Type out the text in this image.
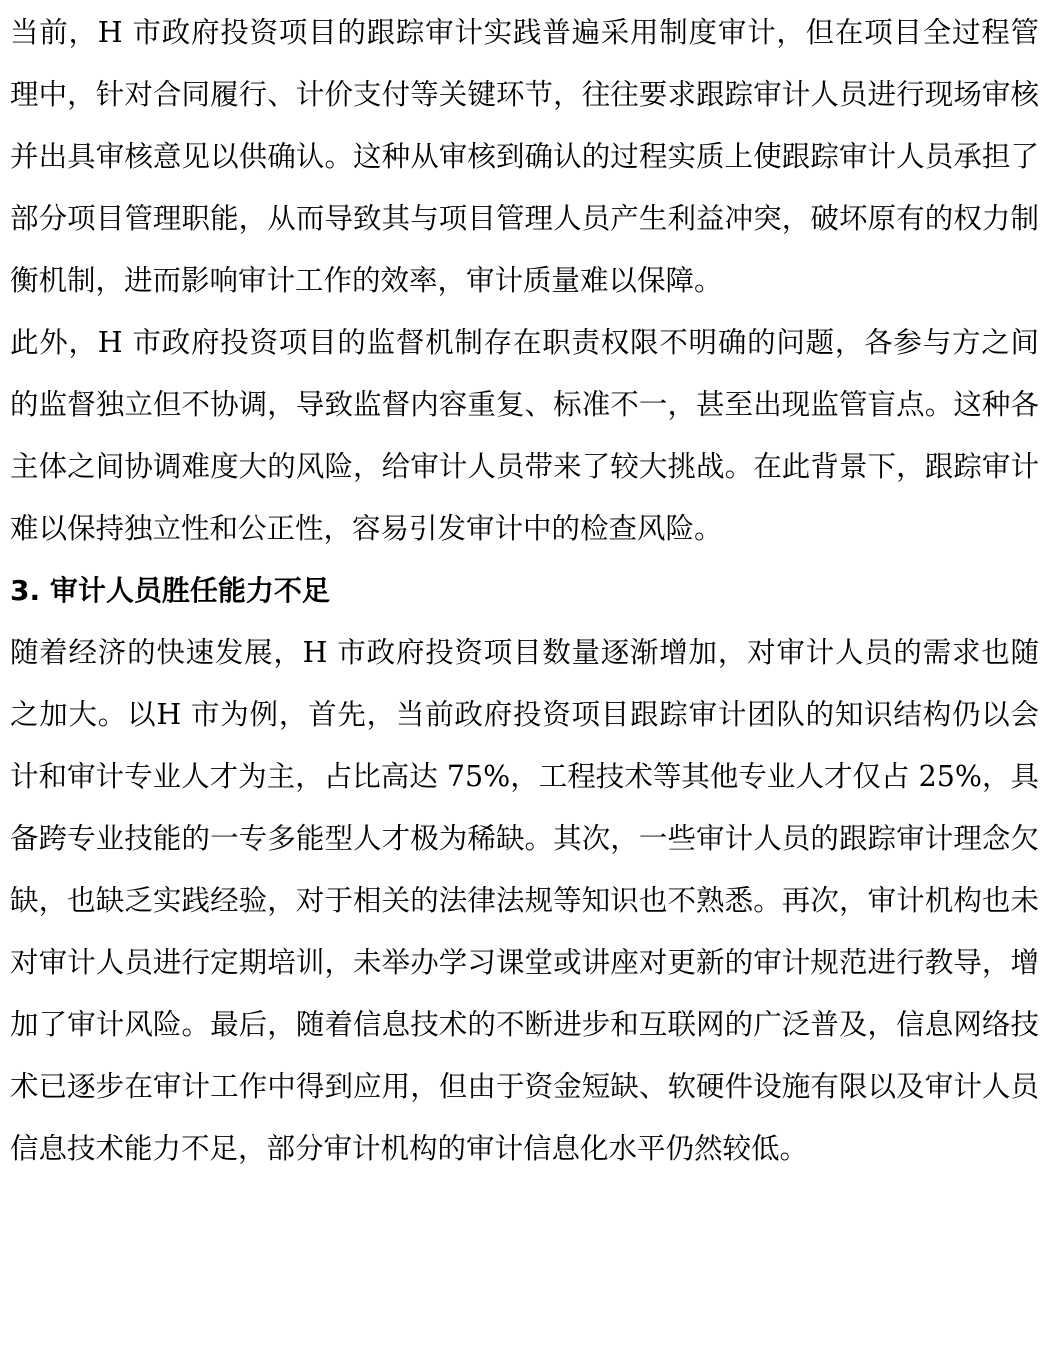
当前，H 市政府投资项目的跟踪审计实践普遍采用制度审计，但在项目全过程管理中，针对合同履行、计价支付等关键环节，往往要求跟踪审计人员进行现场审核并出具审核意见以供确认。这种从审核到确认的过程实质上使跟踪审计人员承担了部分项目管理职能，从而导致其与项目管理人员产生利益冲突，破坏原有的权力制衡机制，进而影响审计工作的效率，审计质量难以保障。

此外，H 市政府投资项目的监督机制存在职责权限不明确的问题，各参与方之间的监督独立但不协调，导致监督内容重复、标准不一，甚至出现监管盲点。这种各主体之间协调难度大的风险，给审计人员带来了较大挑战。在此背景下，跟踪审计难以保持独立性和公正性，容易引发审计中的检查风险。

3. 审计人员胜任能力不足

随着经济的快速发展，H 市政府投资项目数量逐渐增加，对审计人员的需求也随之加大。以H 市为例，首先，当前政府投资项目跟踪审计团队的知识结构仍以会计和审计专业人才为主，占比高达 75%，工程技术等其他专业人才仅占 25%，具备跨专业技能的一专多能型人才极为稀缺。其次，一些审计人员的跟踪审计理念欠缺，也缺乏实践经验，对于相关的法律法规等知识也不熟悉。再次，审计机构也未对审计人员进行定期培训，未举办学习课堂或讲座对更新的审计规范进行教导，增加了审计风险。最后，随着信息技术的不断进步和互联网的广泛普及，信息网络技术已逐步在审计工作中得到应用，但由于资金短缺、软硬件设施有限以及审计人员信息技术能力不足，部分审计机构的审计信息化水平仍然较低。
